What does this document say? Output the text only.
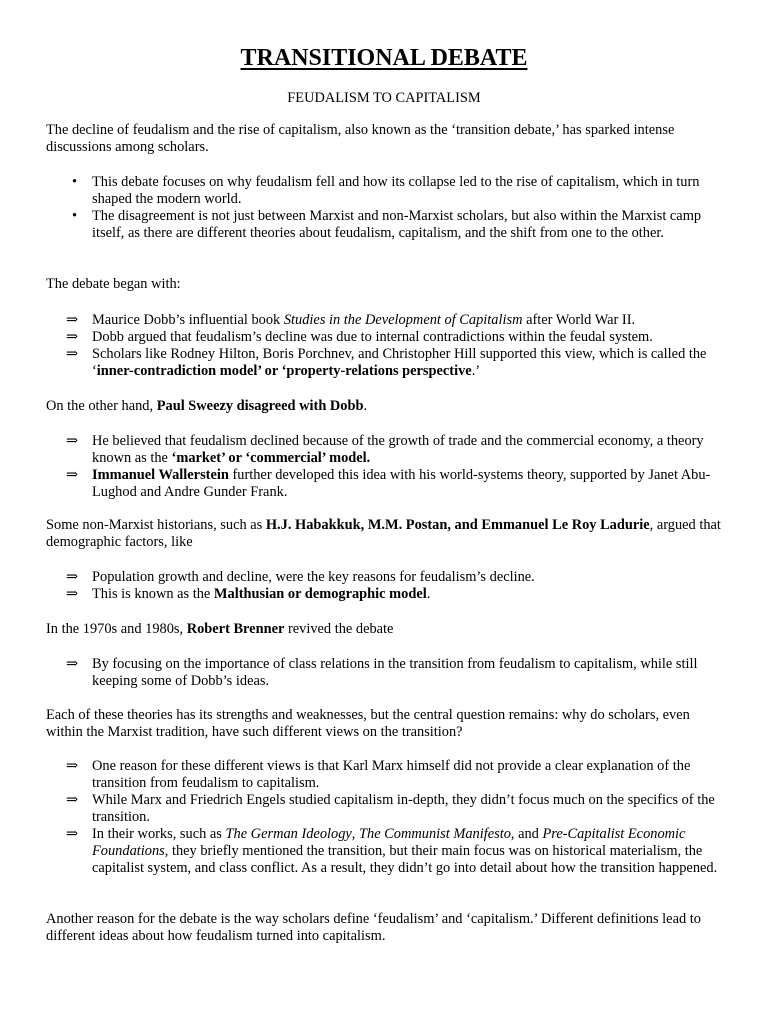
TRANSITIONAL DEBATE
FEUDALISM TO CAPITALISM
The decline of feudalism and the rise of capitalism, also known as the ‘transition debate,’ has sparked intense discussions among scholars.
•	This debate focuses on why feudalism fell and how its collapse led to the rise of capitalism, which in turn shaped the modern world.
•	The disagreement is not just between Marxist and non-Marxist scholars, but also within the Marxist camp itself, as there are different theories about feudalism, capitalism, and the shift from one to the other.
The debate began with:
⇒ Maurice Dobb’s influential book Studies in the Development of Capitalism after World War II.
⇒ Dobb argued that feudalism’s decline was due to internal contradictions within the feudal system.
⇒ Scholars like Rodney Hilton, Boris Porchnev, and Christopher Hill supported this view, which is called the ‘inner-contradiction model’ or ‘property-relations perspective.’
On the other hand, Paul Sweezy disagreed with Dobb.
⇒ He believed that feudalism declined because of the growth of trade and the commercial economy, a theory known as the ‘market’ or ‘commercial’ model.
⇒ Immanuel Wallerstein further developed this idea with his world-systems theory, supported by Janet Abu-Lughod and Andre Gunder Frank.
Some non-Marxist historians, such as H.J. Habakkuk, M.M. Postan, and Emmanuel Le Roy Ladurie, argued that demographic factors, like
⇒ Population growth and decline, were the key reasons for feudalism’s decline.
⇒ This is known as the Malthusian or demographic model.
In the 1970s and 1980s, Robert Brenner revived the debate
⇒ By focusing on the importance of class relations in the transition from feudalism to capitalism, while still keeping some of Dobb’s ideas.
Each of these theories has its strengths and weaknesses, but the central question remains: why do scholars, even within the Marxist tradition, have such different views on the transition?
⇒ One reason for these different views is that Karl Marx himself did not provide a clear explanation of the transition from feudalism to capitalism.
⇒ While Marx and Friedrich Engels studied capitalism in-depth, they didn’t focus much on the specifics of the transition.
⇒ In their works, such as The German Ideology, The Communist Manifesto, and Pre-Capitalist Economic Foundations, they briefly mentioned the transition, but their main focus was on historical materialism, the capitalist system, and class conflict. As a result, they didn’t go into detail about how the transition happened.
Another reason for the debate is the way scholars define ‘feudalism’ and ‘capitalism.’ Different definitions lead to different ideas about how feudalism turned into capitalism.
